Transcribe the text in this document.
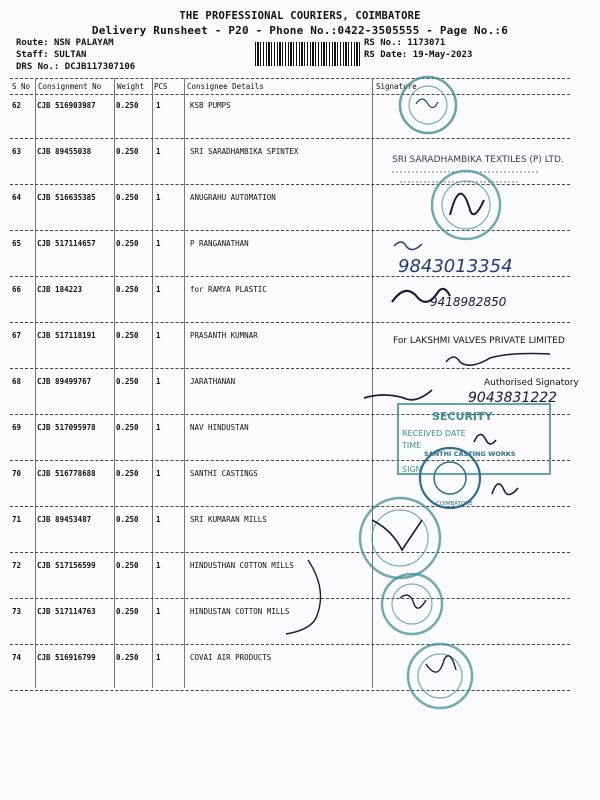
THE PROFESSIONAL COURIERS, COIMBATORE
Delivery Runsheet - P20 - Phone No.:0422-3505555 - Page No.:6
Route: NSN PALAYAM
Staff: SULTAN
DRS No.: DCJB117307106
RS No.: 1173071
RS Date: 19-May-2023
S No Consignment No Weight PCS	Consignee Details	Signature
62 CJB 516903987	0.250 1	KSB PUMPS
63 CJB 89455038	0.250 1	SRI SARADHAMBIKA SPINTEX
64 CJB 516635385	0.250 1	ANUGRAHU AUTOMATION
65 CJB 517114657	0.250 1	P RANGANATHAN
66 CJB 184223	0.250 1	for RAMYA PLASTIC
67 CJB 517118191	0.250 1	PRASANTH KUMNAR
68 CJB 89499767	0.250 1	JARATHANAN
69 CJB 517095978	0.250 1	NAV HINDUSTAN
70 CJB 516778688	0.250 1	SANTHI CASTINGS
71 CJB 89453487	0.250 1	SRI KUMARAN MILLS
72 CJB 517156599	0.250 1	HINDUSTHAN COTTON MILLS
73 CJB 517114763	0.250 1	HINDUSTAN COTTON MILLS
74 CJB 516916799	0.250 1	COVAI AIR PRODUCTS
SRI SARADHAMBIKA TEXTILES (P) LTD.
9843013354
9418982850
For LAKSHMI VALVES PRIVATE LIMITED
Authorised Signatory
9043831222
SECURITY
RECEIVED DATE
TIME
SIGN
SANTHI CASTING WORKS
COIMBATORE
